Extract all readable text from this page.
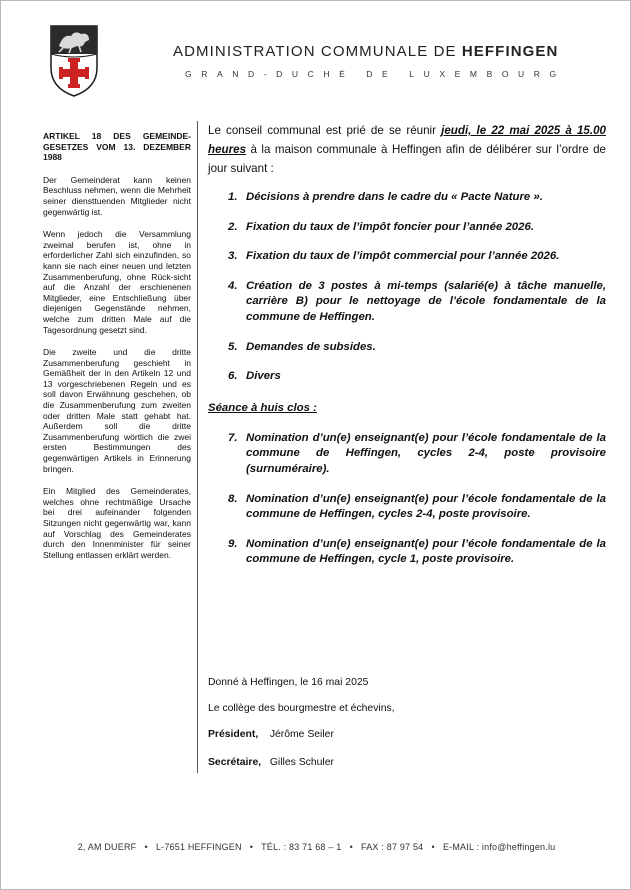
ADMINISTRATION COMMUNALE DE HEFFINGEN
GRAND-DUCHÉ DE LUXEMBOURG

ARTIKEL 18 DES GEMEINDE-GESETZES VOM 13. DEZEMBER 1988

Der Gemeinderat kann keinen Beschluss nehmen, wenn die Mehrheit seiner diensttuenden Mitglieder nicht gegenwärtig ist.

Wenn jedoch die Versammlung zweimal berufen ist, ohne in erforderlicher Zahl sich einzufinden, so kann sie nach einer neuen und letzten Zusammenberufung, ohne Rück-sicht auf die Anzahl der erschienenen Mitglieder, eine Entschließung über diejenigen Gegenstände nehmen, welche zum dritten Male auf die Tagesordnung gesetzt sind.

Die zweite und die dritte Zusammenberufung geschieht in Gemäßheit der in den Artikeln 12 und 13 vorgeschriebenen Regeln und es soll davon Erwähnung geschehen, ob die Zusammenberufung zum zweiten oder dritten Male statt gehabt hat. Außerdem soll die dritte Zusammenberufung wörtlich die zwei ersten Bestimmungen des gegenwärtigen Artikels in Erinnerung bringen.

Ein Mitglied des Gemeinderates, welches ohne rechtmäßige Ursache bei drei aufeinander folgenden Sitzungen nicht gegenwärtig war, kann auf Vorschlag des Gemeinderates durch den Innenminister für seiner Stellung entlassen erklärt werden.

Le conseil communal est prié de se réunir jeudi, le 22 mai 2025 à 15.00 heures à la maison communale à Heffingen afin de délibérer sur l’ordre de jour suivant :

1. Décisions à prendre dans le cadre du « Pacte Nature ».
2. Fixation du taux de l’impôt foncier pour l’année 2026.
3. Fixation du taux de l’impôt commercial pour l’année 2026.
4. Création de 3 postes à mi-temps (salarié(e) à tâche manuelle, carrière B) pour le nettoyage de l’école fondamentale de la commune de Heffingen.
5. Demandes de subsides.
6. Divers

Séance à huis clos :

7. Nomination d’un(e) enseignant(e) pour l’école fondamentale de la commune de Heffingen, cycles 2-4, poste provisoire (surnuméraire).
8. Nomination d’un(e) enseignant(e) pour l’école fondamentale de la commune de Heffingen, cycles 2-4, poste provisoire.
9. Nomination d’un(e) enseignant(e) pour l’école fondamentale de la commune de Heffingen, cycle 1, poste provisoire.
Donné à Heffingen, le 16 mai 2025
Le collège des bourgmestre et échevins,
Président, Jérôme Seiler
Secrétaire, Gilles Schuler
2, AM DUERF • L-7651 HEFFINGEN • TÉL. : 83 71 68 – 1 • FAX : 87 97 54 • E-MAIL : info@heffingen.lu
